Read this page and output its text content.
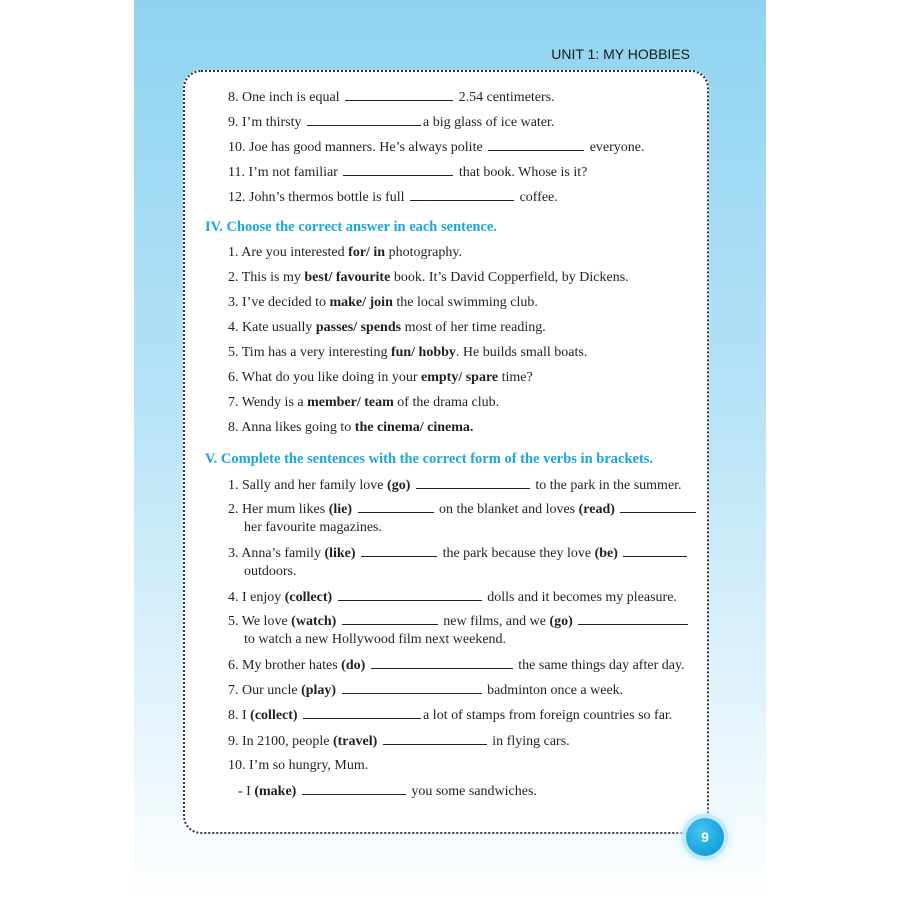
UNIT 1: MY HOBBIES
8. One inch is equal	2.54 centimeters.
9. I’m thirsty	a big glass of ice water.
10. Joe has good manners. He’s always polite	everyone.
11. I’m not familiar	that book. Whose is it?
12. John’s thermos bottle is full	coffee.
IV. Choose the correct answer in each sentence.
1. Are you interested for/ in photography.
2. This is my best/ favourite book. It’s David Copperfield, by Dickens.
3. I’ve decided to make/ join the local swimming club.
4. Kate usually passes/ spends most of her time reading.
5. Tim has a very interesting fun/ hobby. He builds small boats.
6. What do you like doing in your empty/ spare time?
7. Wendy is a member/ team of the drama club.
8. Anna likes going to the cinema/ cinema.
V. Complete the sentences with the correct form of the verbs in brackets.
1. Sally and her family love (go)	to the park in the summer.
2. Her mum likes (lie)	on the blanket and loves (read)
her favourite magazines.
3. Anna’s family (like)	the park because they love (be)
outdoors.
4. I enjoy (collect)	dolls and it becomes my pleasure.
5. We love (watch)	new films, and we (go)
to watch a new Hollywood film next weekend.
6. My brother hates (do)	the same things day after day.
7. Our uncle (play)	badminton once a week.
8. I (collect)	a lot of stamps from foreign countries so far.
9. In 2100, people (travel)	in flying cars.
10. I’m so hungry, Mum.
- I (make)	you some sandwiches.
9
